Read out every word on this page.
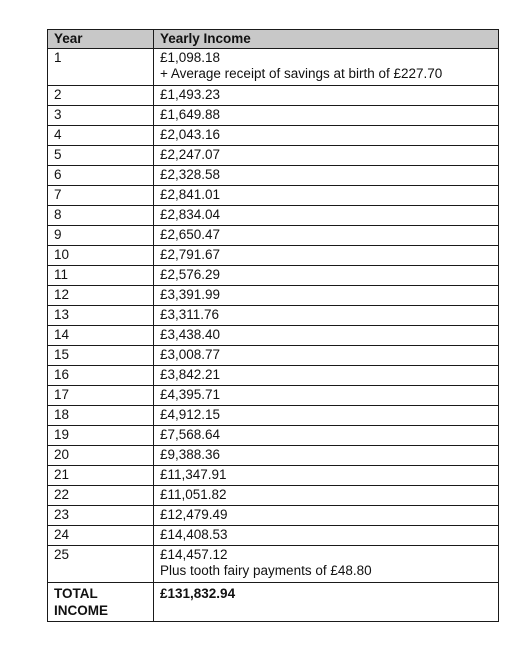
Year	Yearly Income
1	£1,098.18
+ Average receipt of savings at birth of £227.70

2	£1,493.23

3	£1,649.88

4	£2,043.16

5	£2,247.07

6	£2,328.58

7	£2,841.01

8	£2,834.04

9	£2,650.47

10	£2,791.67

11	£2,576.29

12	£3,391.99

13	£3,311.76

14	£3,438.40

15	£3,008.77

16	£3,842.21

17	£4,395.71

18	£4,912.15

19	£7,568.64

20	£9,388.36

21	£11,347.91

22	£11,051.82

23	£12,479.49

24	£14,408.53

25	£14,457.12
Plus tooth fairy payments of £48.80

TOTAL
INCOME	£131,832.94
